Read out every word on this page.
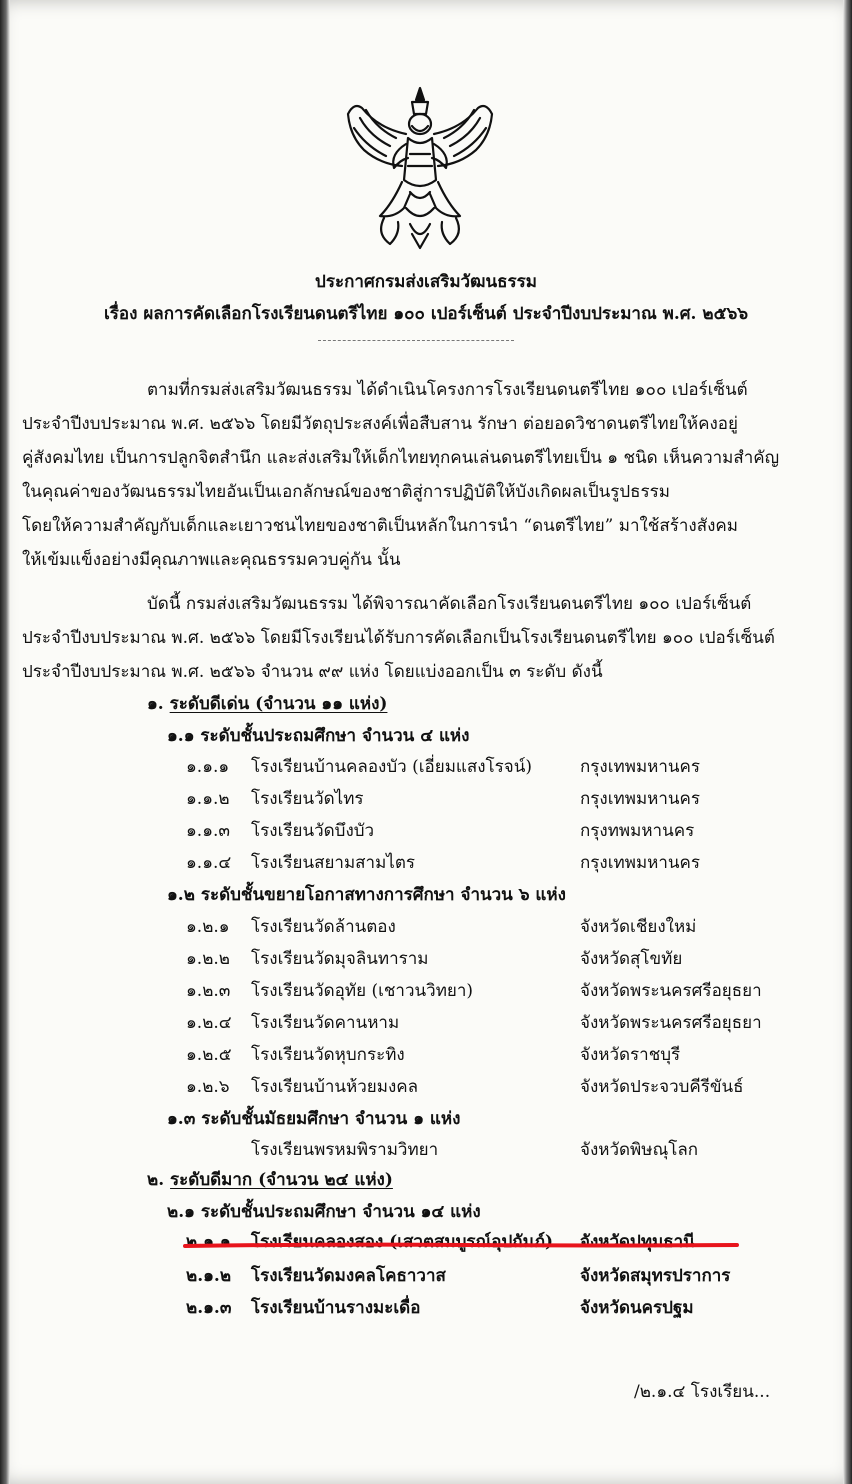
ประกาศกรมส่งเสริมวัฒนธรรม
เรื่อง ผลการคัดเลือกโรงเรียนดนตรีไทย ๑๐๐ เปอร์เซ็นต์ ประจำปีงบประมาณ พ.ศ. ๒๕๖๖
ตามที่กรมส่งเสริมวัฒนธรรม ได้ดำเนินโครงการโรงเรียนดนตรีไทย ๑๐๐ เปอร์เซ็นต์
ประจำปีงบประมาณ พ.ศ. ๒๕๖๖ โดยมีวัตถุประสงค์เพื่อสืบสาน รักษา ต่อยอดวิชาดนตรีไทยให้คงอยู่
คู่สังคมไทย เป็นการปลูกจิตสำนึก และส่งเสริมให้เด็กไทยทุกคนเล่นดนตรีไทยเป็น ๑ ชนิด เห็นความสำคัญ
ในคุณค่าของวัฒนธรรมไทยอันเป็นเอกลักษณ์ของชาติสู่การปฏิบัติให้บังเกิดผลเป็นรูปธรรม
โดยให้ความสำคัญกับเด็กและเยาวชนไทยของชาติเป็นหลักในการนำ “ดนตรีไทย” มาใช้สร้างสังคม
ให้เข้มแข็งอย่างมีคุณภาพและคุณธรรมควบคู่กัน นั้น
บัดนี้ กรมส่งเสริมวัฒนธรรม ได้พิจารณาคัดเลือกโรงเรียนดนตรีไทย ๑๐๐ เปอร์เซ็นต์
ประจำปีงบประมาณ พ.ศ. ๒๕๖๖ โดยมีโรงเรียนได้รับการคัดเลือกเป็นโรงเรียนดนตรีไทย ๑๐๐ เปอร์เซ็นต์
ประจำปีงบประมาณ พ.ศ. ๒๕๖๖ จำนวน ๙๙ แห่ง โดยแบ่งออกเป็น ๓ ระดับ ดังนี้
๑. ระดับดีเด่น (จำนวน ๑๑ แห่ง)
๑.๑ ระดับชั้นประถมศึกษา จำนวน ๔ แห่ง
๑.๑.๑ โรงเรียนบ้านคลองบัว (เอี่ยมแสงโรจน์)	กรุงเทพมหานคร
๑.๑.๒ โรงเรียนวัดไทร	กรุงเทพมหานคร
๑.๑.๓ โรงเรียนวัดบึงบัว	กรุงทพมหานคร
๑.๑.๔ โรงเรียนสยามสามไตร	กรุงเทพมหานคร
๑.๒ ระดับชั้นขยายโอกาสทางการศึกษา จำนวน ๖ แห่ง
๑.๒.๑ โรงเรียนวัดล้านตอง	จังหวัดเชียงใหม่
๑.๒.๒ โรงเรียนวัดมุจลินทาราม	จังหวัดสุโขทัย
๑.๒.๓ โรงเรียนวัดอุทัย (เชาวนวิทยา)	จังหวัดพระนครศรีอยุธยา
๑.๒.๔ โรงเรียนวัดคานหาม	จังหวัดพระนครศรีอยุธยา
๑.๒.๕ โรงเรียนวัดหุบกระทิง	จังหวัดราชบุรี
๑.๒.๖ โรงเรียนบ้านห้วยมงคล	จังหวัดประจวบคีรีขันธ์
๑.๓ ระดับชั้นมัธยมศึกษา จำนวน ๑ แห่ง
โรงเรียนพรหมพิรามวิทยา	จังหวัดพิษณุโลก
๒. ระดับดีมาก (จำนวน ๒๔ แห่ง)
๒.๑ ระดับชั้นประถมศึกษา จำนวน ๑๔ แห่ง
๒.๑.๑ โรงเรียนคลองสอง (เสวตสมบูรณ์อุปถัมภ์) จังหวัดปทุมธานี
๒.๑.๒ โรงเรียนวัดมงคลโคธาวาส	จังหวัดสมุทรปราการ
๒.๑.๓ โรงเรียนบ้านรางมะเดื่อ	จังหวัดนครปฐม
/๒.๑.๔ โรงเรียน...
